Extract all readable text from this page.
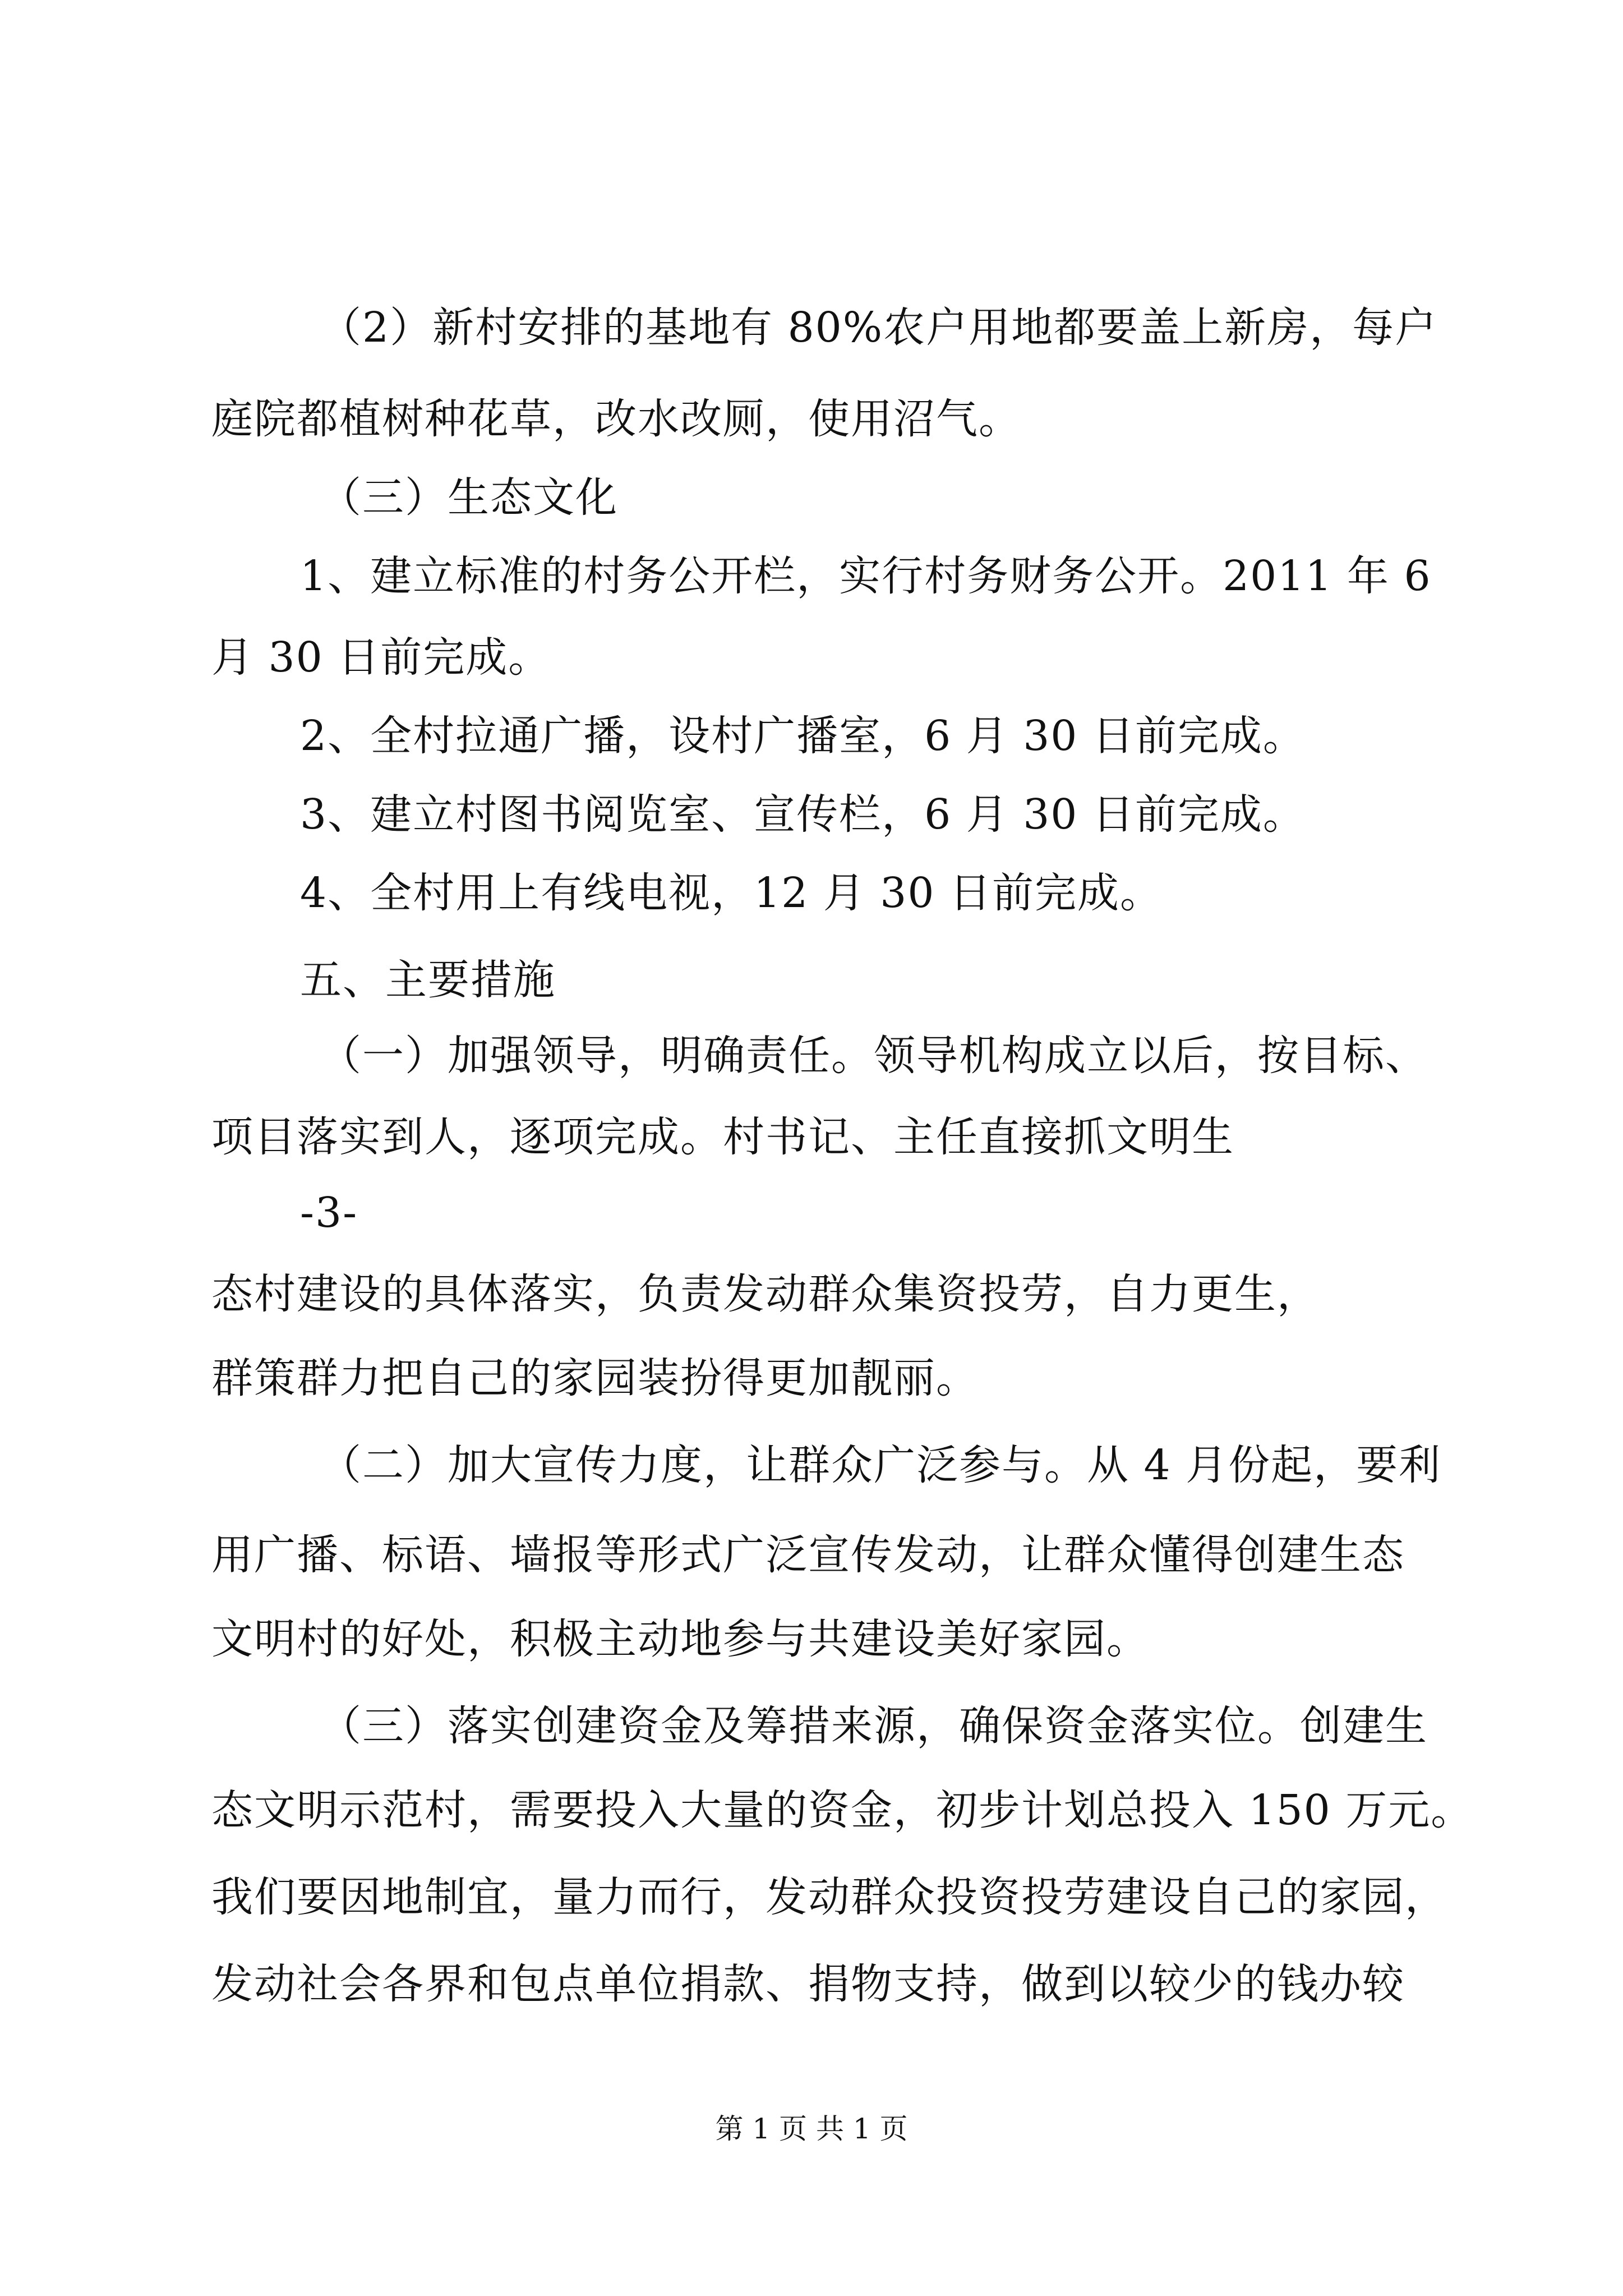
（2）新村安排的基地有 80%农户用地都要盖上新房，每户
庭院都植树种花草，改水改厕，使用沼气。
（三）生态文化
1、建立标准的村务公开栏，实行村务财务公开。2011 年 6
月 30 日前完成。
2、全村拉通广播，设村广播室，6 月 30 日前完成。
3、建立村图书阅览室、宣传栏，6 月 30 日前完成。
4、全村用上有线电视，12 月 30 日前完成。
五、主要措施
（一）加强领导，明确责任。领导机构成立以后，按目标、
项目落实到人，逐项完成。村书记、主任直接抓文明生
-3-
态村建设的具体落实，负责发动群众集资投劳，自力更生，
群策群力把自己的家园装扮得更加靓丽。
（二）加大宣传力度，让群众广泛参与。从 4 月份起，要利
用广播、标语、墙报等形式广泛宣传发动，让群众懂得创建生态
文明村的好处，积极主动地参与共建设美好家园。
（三）落实创建资金及筹措来源，确保资金落实位。创建生
态文明示范村，需要投入大量的资金，初步计划总投入 150 万元。
我们要因地制宜，量力而行，发动群众投资投劳建设自己的家园，
发动社会各界和包点单位捐款、捐物支持，做到以较少的钱办较
第 1 页 共 1 页
